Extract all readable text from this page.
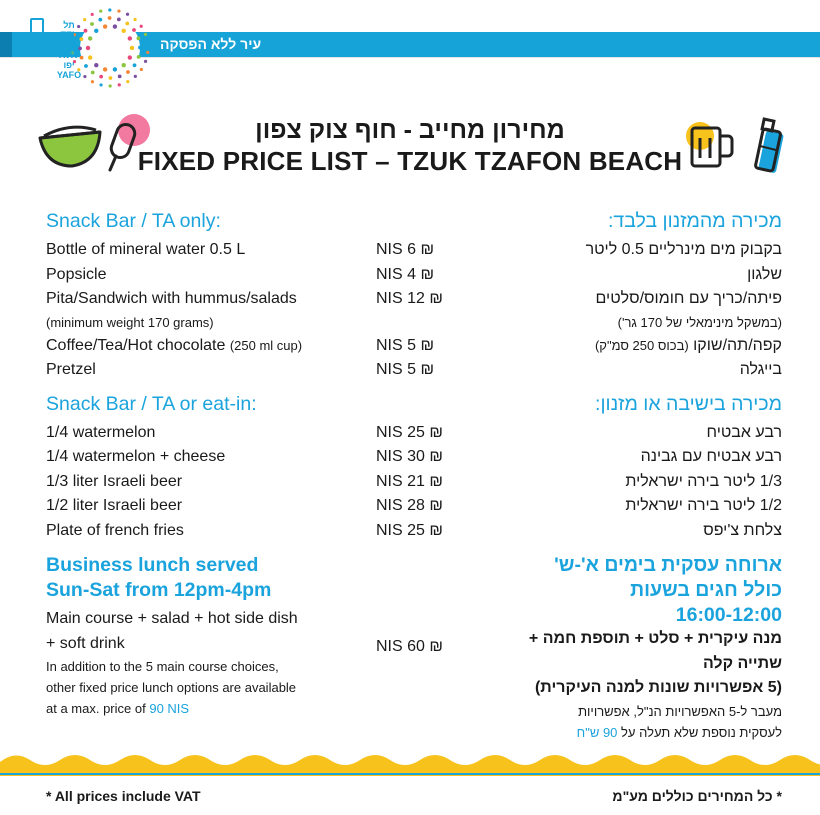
עיר ללא הפסקה
תל
TEL
אביב
AVIV
יפו
YAFO
מחירון מחייב - חוף צוק צפון
FIXED PRICE LIST – TZUK TZAFON BEACH
Snack Bar / TA only:
Bottle of mineral water 0.5 L	NIS 6 ₪
Popsicle	NIS 4 ₪
Pita/Sandwich with hummus/salads	NIS 12 ₪
(minimum weight 170 grams)
Coffee/Tea/Hot chocolate (250 ml cup)	NIS 5 ₪
Pretzel	NIS 5 ₪
Snack Bar / TA or eat-in:
1/4 watermelon	NIS 25 ₪
1/4 watermelon + cheese	NIS 30 ₪
1/3 liter Israeli beer	NIS 21 ₪
1/2 liter Israeli beer	NIS 28 ₪
Plate of french fries	NIS 25 ₪
Business lunch served
Sun-Sat from 12pm-4pm
Main course + salad + hot side dish
+ soft drink	NIS 60 ₪
In addition to the 5 main course choices,
other fixed price lunch options are available
at a max. price of 90 NIS
מכירה מהמזנון בלבד:
בקבוק מים מינרליים 0.5 ליטר
שלגון
פיתה/כריך עם חומוס/סלטים
(במשקל מינימאלי של 170 גר')
קפה/תה/שוקו (בכוס 250 סמ"ק)
בייגלה
מכירה בישיבה או מזנון:
רבע אבטיח
רבע אבטיח עם גבינה
1/3 ליטר בירה ישראלית
1/2 ליטר בירה ישראלית
צלחת צ'יפס
ארוחה עסקית בימים א'-ש'
כולל חגים בשעות
16:00-12:00
מנה עיקרית + סלט + תוספת חמה +
שתייה קלה
(5 אפשרויות שונות למנה העיקרית)
מעבר ל-5 האפשרויות הנ"ל, אפשרויות
לעסקית נוספת שלא תעלה על 90 ש"ח
* All prices include VAT	* כל המחירים כוללים מע"מ
